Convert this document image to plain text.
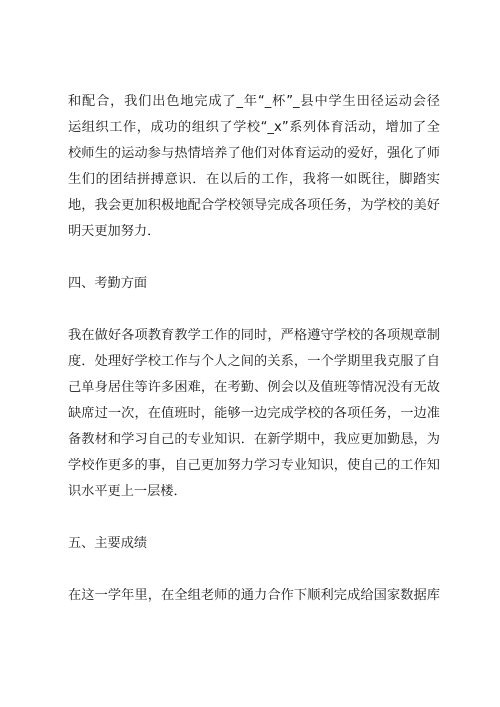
和配合，我们出色地完成了_年“_杯”_县中学生田径运动会径
运组织工作，成功的组织了学校“_x”系列体育活动，增加了全
校师生的运动参与热情培养了他们对体育运动的爱好，强化了师
生们的团结拼搏意识．在以后的工作，我将一如既往，脚踏实
地，我会更加积极地配合学校领导完成各项任务，为学校的美好
明天更加努力．
四、考勤方面
我在做好各项教育教学工作的同时，严格遵守学校的各项规章制
度．处理好学校工作与个人之间的关系，一个学期里我克服了自
己单身居住等许多困难，在考勤、例会以及值班等情况没有无故
缺席过一次，在值班时，能够一边完成学校的各项任务，一边准
备教材和学习自己的专业知识．在新学期中，我应更加勤恳，为
学校作更多的事，自己更加努力学习专业知识，使自己的工作知
识水平更上一层楼．
五、主要成绩
在这一学年里，在全组老师的通力合作下顺利完成给国家数据库
